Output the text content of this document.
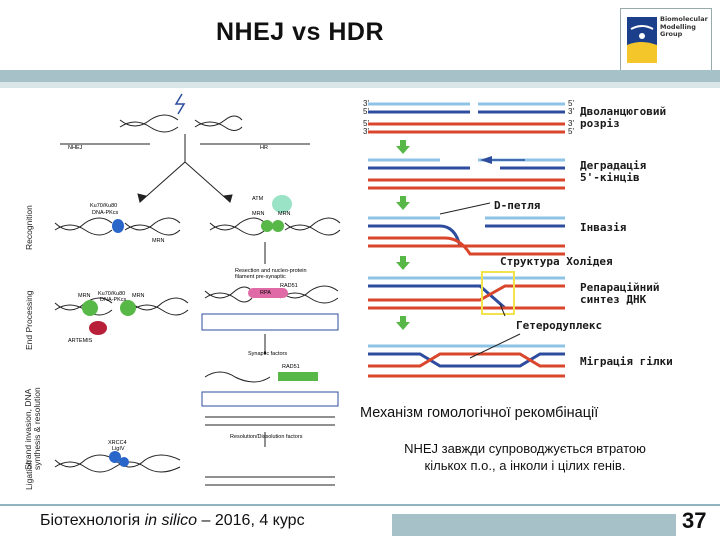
NHEJ vs HDR	Biomolecular
Modelling
Group
NHEJ	HR
Ku70/Ku80
DNA-PKcs
MRN
ATM
MRN MRN
Resection and nucleo-protein
filament pre-synaptic
RPA
RAD51
MRN Ku70/Ku80
DNA-PKcs
MRN
ARTEMIS
Synaptic factors
RAD51
Resolution/Dissolution factors
XRCC4
LigIV
Recognition
End Processing
Strand invasion, DNA synthesis & resolution
Ligation
Дволанцюговий
розріз
Деградація
5'-кінців
Інвазія
Репараційний
синтез ДНК
Міграція гілки
D-петля
Структура Холідея
Гетеродуплекс
3'
5'
5'
3'
5'
3'
3'
5'
Механізм гомологічної рекомбінації
NHEJ завжди супроводжується втратою
кількох п.о., а інколи і цілих генів.
Біотехнологія in silico – 2016, 4 курс	37
